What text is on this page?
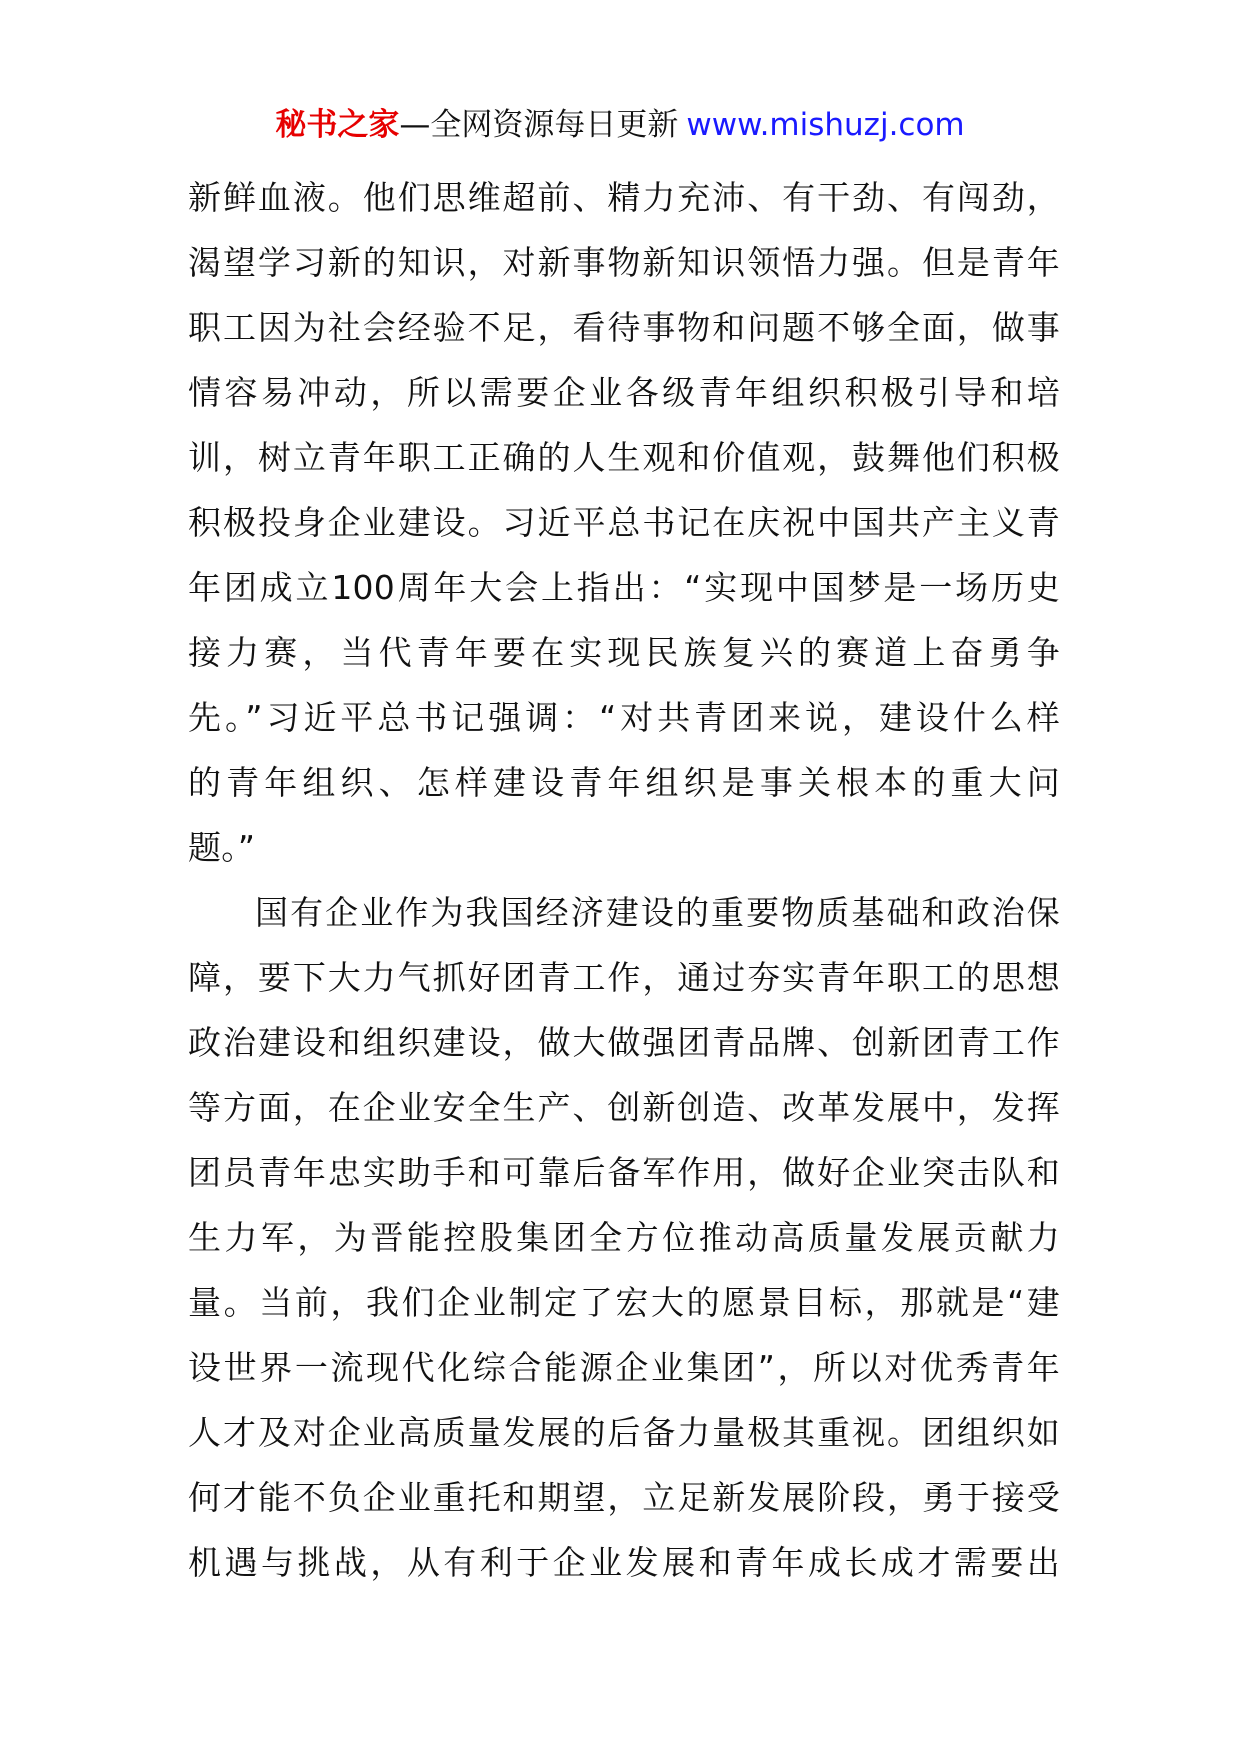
秘书之家—全网资源每日更新 www.mishuzj.com
新鲜血液。他们思维超前、精力充沛、有干劲、有闯劲，
渴望学习新的知识，对新事物新知识领悟力强。但是青年
职工因为社会经验不足，看待事物和问题不够全面，做事
情容易冲动，所以需要企业各级青年组织积极引导和培
训，树立青年职工正确的人生观和价值观，鼓舞他们积极
积极投身企业建设。习近平总书记在庆祝中国共产主义青
年团成立100周年大会上指出：“实现中国梦是一场历史
接力赛，当代青年要在实现民族复兴的赛道上奋勇争
先。”习近平总书记强调：“对共青团来说，建设什么样
的青年组织、怎样建设青年组织是事关根本的重大问
题。”
国有企业作为我国经济建设的重要物质基础和政治保
障，要下大力气抓好团青工作，通过夯实青年职工的思想
政治建设和组织建设，做大做强团青品牌、创新团青工作
等方面，在企业安全生产、创新创造、改革发展中，发挥
团员青年忠实助手和可靠后备军作用，做好企业突击队和
生力军，为晋能控股集团全方位推动高质量发展贡献力
量。当前，我们企业制定了宏大的愿景目标，那就是“建
设世界一流现代化综合能源企业集团”，所以对优秀青年
人才及对企业高质量发展的后备力量极其重视。团组织如
何才能不负企业重托和期望，立足新发展阶段，勇于接受
机遇与挑战，从有利于企业发展和青年成长成才需要出
